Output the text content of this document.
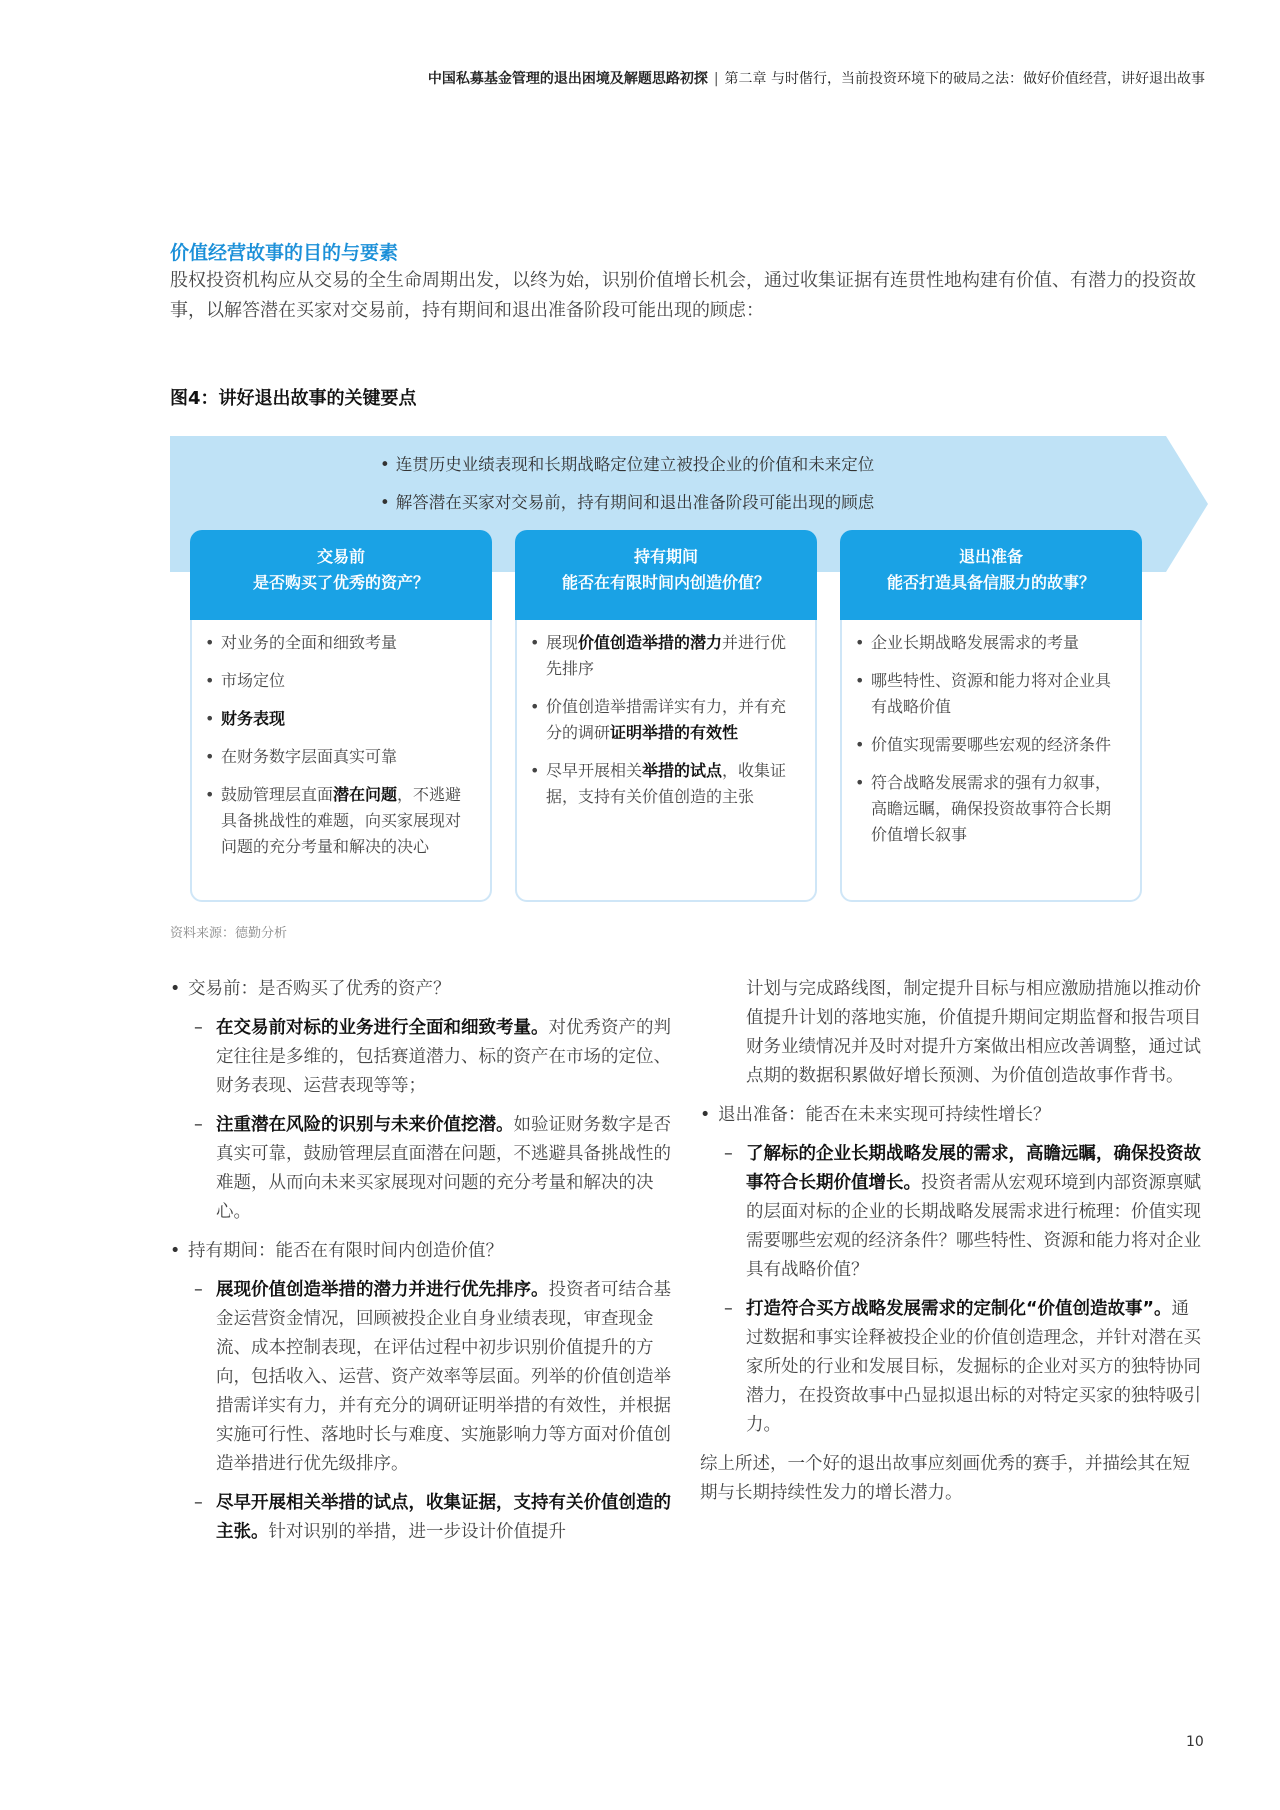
中国私募基金管理的退出困境及解题思路初探 | 第二章 与时偕行，当前投资环境下的破局之法：做好价值经营，讲好退出故事
价值经营故事的目的与要素
股权投资机构应从交易的全生命周期出发，以终为始，识别价值增长机会，通过收集证据有连贯性地构建有价值、有潜力的投资故事，以解答潜在买家对交易前，持有期间和退出准备阶段可能出现的顾虑：
图4：讲好退出故事的关键要点
• 连贯历史业绩表现和长期战略定位建立被投企业的价值和未来定位
• 解答潜在买家对交易前，持有期间和退出准备阶段可能出现的顾虑
交易前
是否购买了优秀的资产？
• 对业务的全面和细致考量
• 市场定位
• 财务表现
• 在财务数字层面真实可靠
• 鼓励管理层直面潜在问题，不逃避具备挑战性的难题，向买家展现对问题的充分考量和解决的决心
持有期间
能否在有限时间内创造价值？
• 展现价值创造举措的潜力并进行优先排序
• 价值创造举措需详实有力，并有充分的调研证明举措的有效性
• 尽早开展相关举措的试点，收集证据，支持有关价值创造的主张
退出准备
能否打造具备信服力的故事？
• 企业长期战略发展需求的考量
• 哪些特性、资源和能力将对企业具有战略价值
• 价值实现需要哪些宏观的经济条件
• 符合战略发展需求的强有力叙事，高瞻远瞩，确保投资故事符合长期价值增长叙事
资料来源：德勤分析
• 交易前：是否购买了优秀的资产？
– 在交易前对标的业务进行全面和细致考量。对优秀资产的判定往往是多维的，包括赛道潜力、标的资产在市场的定位、财务表现、运营表现等等；
– 注重潜在风险的识别与未来价值挖潜。如验证财务数字是否真实可靠，鼓励管理层直面潜在问题，不逃避具备挑战性的难题，从而向未来买家展现对问题的充分考量和解决的决心。
• 持有期间：能否在有限时间内创造价值？
– 展现价值创造举措的潜力并进行优先排序。投资者可结合基金运营资金情况，回顾被投企业自身业绩表现，审查现金流、成本控制表现，在评估过程中初步识别价值提升的方向，包括收入、运营、资产效率等层面。列举的价值创造举措需详实有力，并有充分的调研证明举措的有效性，并根据实施可行性、落地时长与难度、实施影响力等方面对价值创造举措进行优先级排序。
– 尽早开展相关举措的试点，收集证据，支持有关价值创造的主张。针对识别的举措，进一步设计价值提升
计划与完成路线图，制定提升目标与相应激励措施以推动价值提升计划的落地实施，价值提升期间定期监督和报告项目财务业绩情况并及时对提升方案做出相应改善调整，通过试点期的数据积累做好增长预测、为价值创造故事作背书。
• 退出准备：能否在未来实现可持续性增长？
– 了解标的企业长期战略发展的需求，高瞻远瞩，确保投资故事符合长期价值增长。投资者需从宏观环境到内部资源禀赋的层面对标的企业的长期战略发展需求进行梳理：价值实现需要哪些宏观的经济条件？哪些特性、资源和能力将对企业具有战略价值？
– 打造符合买方战略发展需求的定制化“价值创造故事”。通过数据和事实诠释被投企业的价值创造理念，并针对潜在买家所处的行业和发展目标，发掘标的企业对买方的独特协同潜力，在投资故事中凸显拟退出标的对特定买家的独特吸引力。
综上所述，一个好的退出故事应刻画优秀的赛手，并描绘其在短期与长期持续性发力的增长潜力。
10
